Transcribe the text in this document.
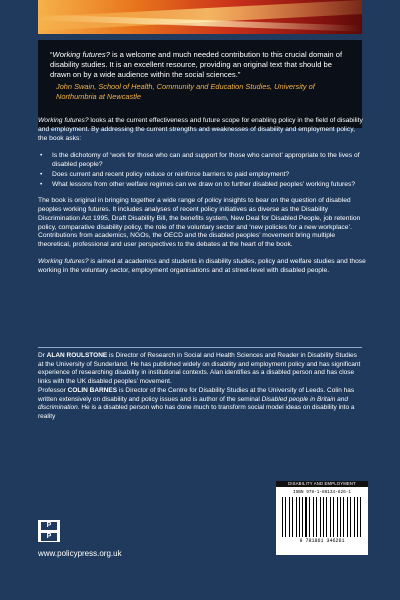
“Working futures? is a welcome and much needed contribution to this crucial domain of disability studies. It is an excellent resource, providing an original text that should be drawn on by a wide audience within the social sciences.”

John Swain, School of Health, Community and Education Studies, University of Northumbria at Newcastle

Working futures? looks at the current effectiveness and future scope for enabling policy in the field of disability and employment. By addressing the current strengths and weaknesses of disability and employment policy, the book asks:

• Is the dichotomy of ‘work for those who can and support for those who cannot’ appropriate to the lives of disabled people?
• Does current and recent policy reduce or reinforce barriers to paid employment?
• What lessons from other welfare regimes can we draw on to further disabled peoples’ working futures?

The book is original in bringing together a wide range of policy insights to bear on the question of disabled peoples working futures. It includes analyses of recent policy initiatives as diverse as the Disability Discrimination Act 1995, Draft Disability Bill, the benefits system, New Deal for Disabled People, job retention policy, comparative disability policy, the role of the voluntary sector and ‘new policies for a new workplace’. Contributions from academics, NGOs, the OECD and the disabled peoples’ movement bring multiple theoretical, professional and user perspectives to the debates at the heart of the book.

Working futures? is aimed at academics and students in disability studies, policy and welfare studies and those working in the voluntary sector, employment organisations and at street-level with disabled people.

Dr ALAN ROULSTONE is Director of Research in Social and Health Sciences and Reader in Disability Studies at the University of Sunderland. He has published widely on disability and employment policy and has significant experience of researching disability in institutional contexts. Alan identifies as a disabled person and has close links with the UK disabled peoples’ movement.

Professor COLIN BARNES is Director of the Centre for Disability Studies at the University of Leeds. Colin has written extensively on disability and policy issues and is author of the seminal Disabled people in Britain and discrimination. He is a disabled person who has done much to transform social model ideas on disability into a reality

P
P
www.policypress.org.uk
DISABILITY AND EMPLOYMENT
ISBN 978-1-86134-626-1
9 781861 346261
